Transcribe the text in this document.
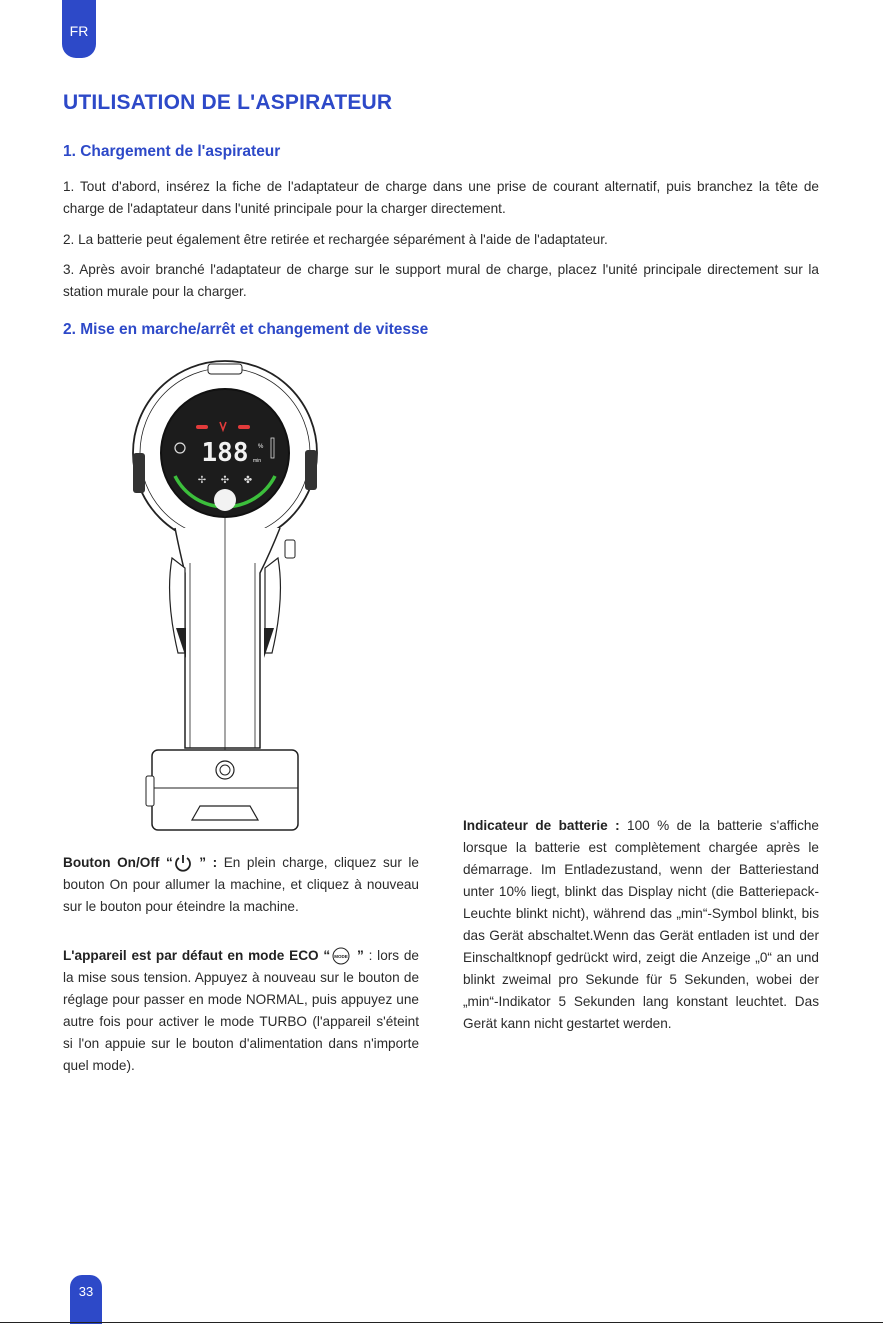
FR
UTILISATION DE L'ASPIRATEUR
1. Chargement de l'aspirateur

1. Tout d'abord, insérez la fiche de l'adaptateur de charge dans une prise de courant alternatif, puis branchez la tête de charge de l'adaptateur dans l'unité principale pour la charger directement.

2. La batterie peut également être retirée et rechargée séparément à l'aide de l'adaptateur.

3. Après avoir branché l'adaptateur de charge sur le support mural de charge, placez l'unité principale directement sur la station murale pour la charger.

2. Mise en marche/arrêt et changement de vitesse
188 %
min
✢ ✣ ✤

Bouton On/Off “ ” : En plein charge, cliquez sur le bouton On pour allumer la machine, et cliquez à nouveau sur le bouton pour éteindre la machine.

L'appareil est par défaut en mode ECO “ MODE ” : lors de la mise sous tension. Appuyez à nouveau sur le bouton de réglage pour passer en mode NORMAL, puis appuyez une autre fois pour activer le mode TURBO (l'appareil s'éteint si l'on appuie sur le bouton d'alimentation dans n'importe quel mode).

Indicateur de batterie : 100 % de la batterie s'affiche lorsque la batterie est complètement chargée après le démarrage. Im Entladezustand, wenn der Batteriestand unter 10% liegt, blinkt das Display nicht (die Batteriepack-Leuchte blinkt nicht), während das „min“-Symbol blinkt, bis das Gerät abschaltet.Wenn das Gerät entladen ist und der Einschaltknopf gedrückt wird, zeigt die Anzeige „0“ an und blinkt zweimal pro Sekunde für 5 Sekunden, wobei der „min“-Indikator 5 Sekunden lang konstant leuchtet. Das Gerät kann nicht gestartet werden.

33
